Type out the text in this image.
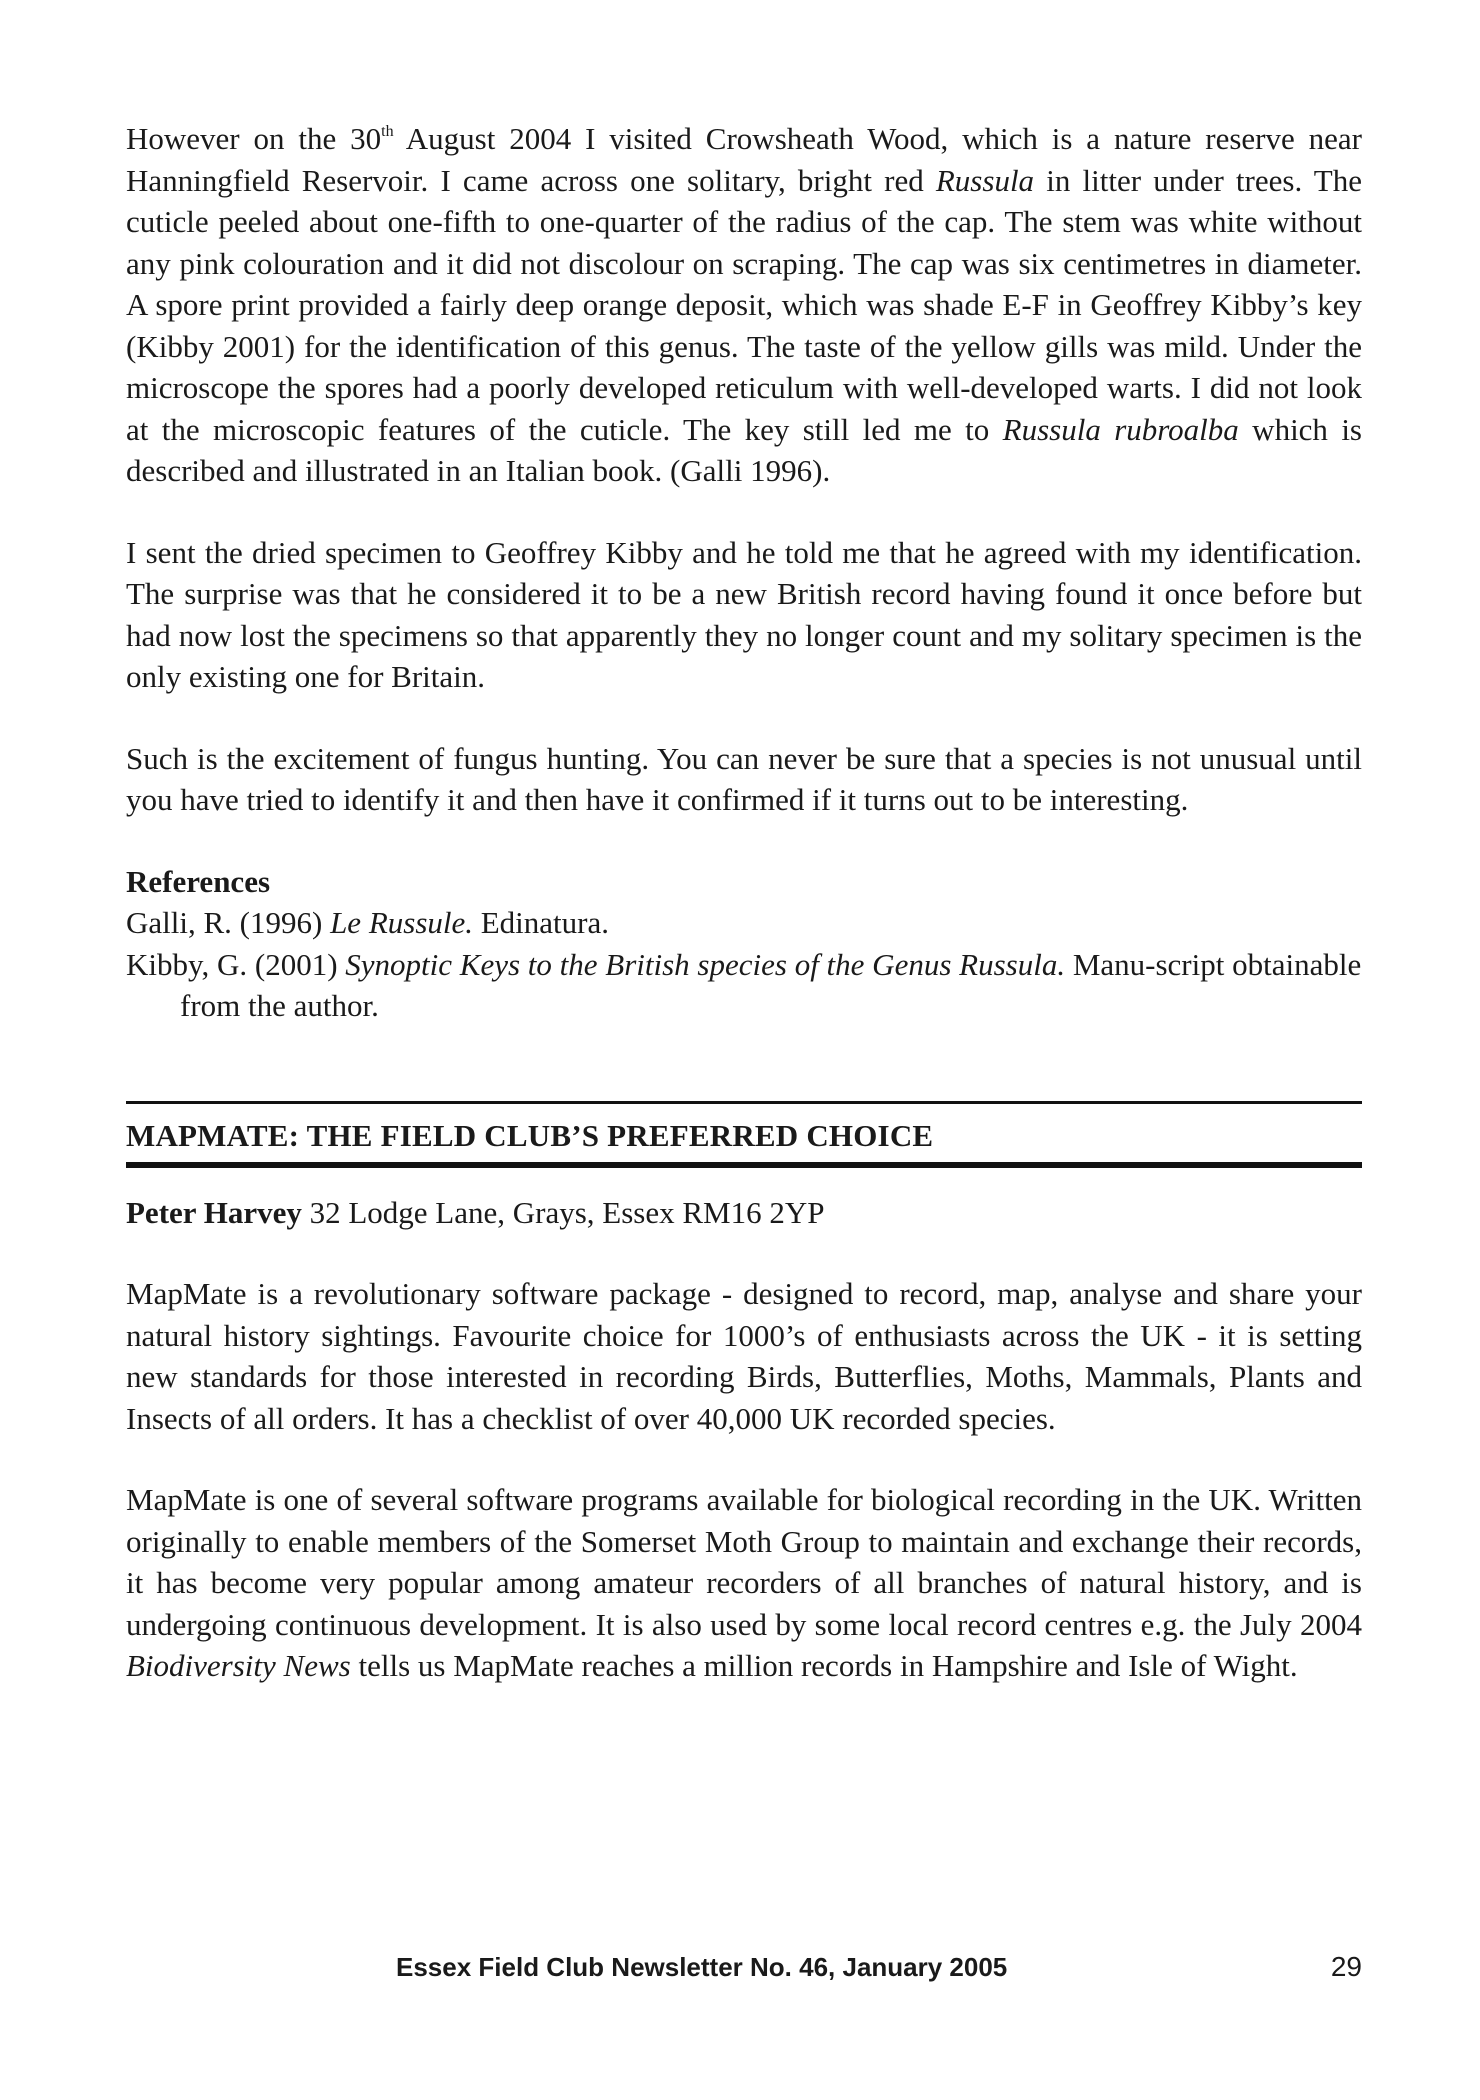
However on the 30th August 2004 I visited Crowsheath Wood, which is a nature reserve near Hanningfield Reservoir. I came across one solitary, bright red Russula in litter under trees. The cuticle peeled about one-fifth to one-quarter of the radius of the cap. The stem was white without any pink colouration and it did not discolour on scraping. The cap was six centimetres in diameter. A spore print provided a fairly deep orange deposit, which was shade E-F in Geoffrey Kibby’s key (Kibby 2001) for the identification of this genus. The taste of the yellow gills was mild. Under the microscope the spores had a poorly developed reticulum with well-developed warts. I did not look at the microscopic features of the cuticle. The key still led me to Russula rubroalba which is described and illustrated in an Italian book. (Galli 1996).

I sent the dried specimen to Geoffrey Kibby and he told me that he agreed with my identification. The surprise was that he considered it to be a new British record having found it once before but had now lost the specimens so that apparently they no longer count and my solitary specimen is the only existing one for Britain.

Such is the excitement of fungus hunting. You can never be sure that a species is not unusual until you have tried to identify it and then have it confirmed if it turns out to be interesting.

References
Galli, R. (1996) Le Russule. Edinatura.
Kibby, G. (2001) Synoptic Keys to the British species of the Genus Russula. Manu-script obtainable from the author.
MAPMATE: THE FIELD CLUB’S PREFERRED CHOICE
Peter Harvey 32 Lodge Lane, Grays, Essex RM16 2YP

MapMate is a revolutionary software package - designed to record, map, analyse and share your natural history sightings. Favourite choice for 1000’s of enthusiasts across the UK - it is setting new standards for those interested in recording Birds, Butterflies, Moths, Mammals, Plants and Insects of all orders. It has a checklist of over 40,000 UK recorded species.

MapMate is one of several software programs available for biological recording in the UK. Written originally to enable members of the Somerset Moth Group to maintain and exchange their records, it has become very popular among amateur recorders of all branches of natural history, and is undergoing continuous development. It is also used by some local record centres e.g. the July 2004 Biodiversity News tells us MapMate reaches a million records in Hampshire and Isle of Wight.

Essex Field Club Newsletter No. 46, January 2005	29
